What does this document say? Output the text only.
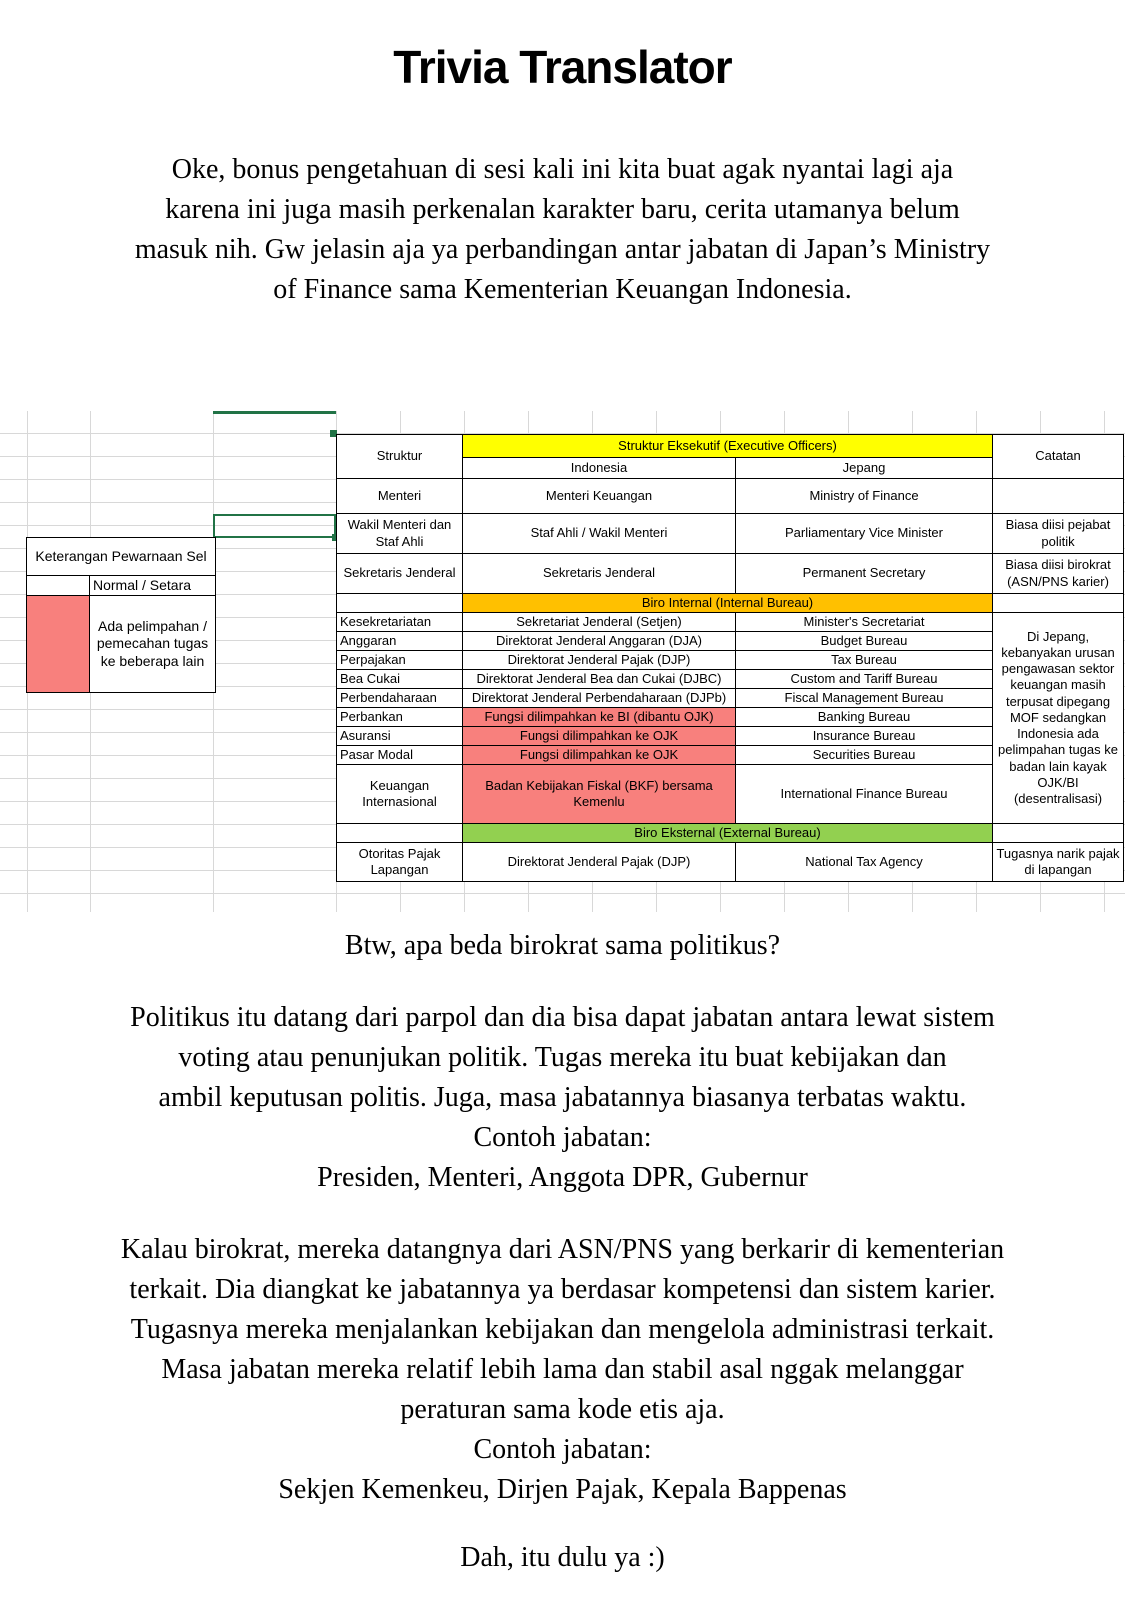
Trivia Translator
Oke, bonus pengetahuan di sesi kali ini kita buat agak nyantai lagi aja
karena ini juga masih perkenalan karakter baru, cerita utamanya belum
masuk nih. Gw jelasin aja ya perbandingan antar jabatan di Japan’s Ministry
of Finance sama Kementerian Keuangan Indonesia.
Keterangan Pewarnaan Sel	
	Normal / Setara
	Ada pelimpahan / pemecahan tugas ke beberapa lain
Struktur	Struktur Eksekutif (Executive Officers)		Catatan
	Indonesia	Jepang	
Menteri	Menteri Keuangan	Ministry of Finance	
Wakil Menteri dan Staf Ahli	Staf Ahli / Wakil Menteri	Parliamentary Vice Minister	Biasa diisi pejabat politik
Sekretaris Jenderal	Sekretaris Jenderal	Permanent Secretary	Biasa diisi birokrat (ASN/PNS karier)
	Biro Internal (Internal Bureau)		
Kesekretariatan	Sekretariat Jenderal (Setjen)	Minister's Secretariat	Di Jepang, kebanyakan urusan pengawasan sektor keuangan masih terpusat dipegang MOF sedangkan Indonesia ada pelimpahan tugas ke badan lain kayak OJK/BI (desentralisasi)
Anggaran	Direktorat Jenderal Anggaran (DJA)	Budget Bureau	
Perpajakan	Direktorat Jenderal Pajak (DJP)	Tax Bureau	
Bea Cukai	Direktorat Jenderal Bea dan Cukai (DJBC)	Custom and Tariff Bureau	
Perbendaharaan	Direktorat Jenderal Perbendaharaan (DJPb)	Fiscal Management Bureau	
Perbankan	Fungsi dilimpahkan ke BI (dibantu OJK)	Banking Bureau	
Asuransi	Fungsi dilimpahkan ke OJK	Insurance Bureau	
Pasar Modal	Fungsi dilimpahkan ke OJK	Securities Bureau	
Keuangan Internasional	Badan Kebijakan Fiskal (BKF) bersama Kemenlu	International Finance Bureau	
	Biro Eksternal (External Bureau)		
Otoritas Pajak Lapangan	Direktorat Jenderal Pajak (DJP)	National Tax Agency	Tugasnya narik pajak di lapangan
Btw, apa beda birokrat sama politikus?
Politikus itu datang dari parpol dan dia bisa dapat jabatan antara lewat sistem
voting atau penunjukan politik. Tugas mereka itu buat kebijakan dan
ambil keputusan politis. Juga, masa jabatannya biasanya terbatas waktu.
Contoh jabatan:
Presiden, Menteri, Anggota DPR, Gubernur
Kalau birokrat, mereka datangnya dari ASN/PNS yang berkarir di kementerian
terkait. Dia diangkat ke jabatannya ya berdasar kompetensi dan sistem karier.
Tugasnya mereka menjalankan kebijakan dan mengelola administrasi terkait.
Masa jabatan mereka relatif lebih lama dan stabil asal nggak melanggar
peraturan sama kode etis aja.
Contoh jabatan:
Sekjen Kemenkeu, Dirjen Pajak, Kepala Bappenas
Dah, itu dulu ya :)
